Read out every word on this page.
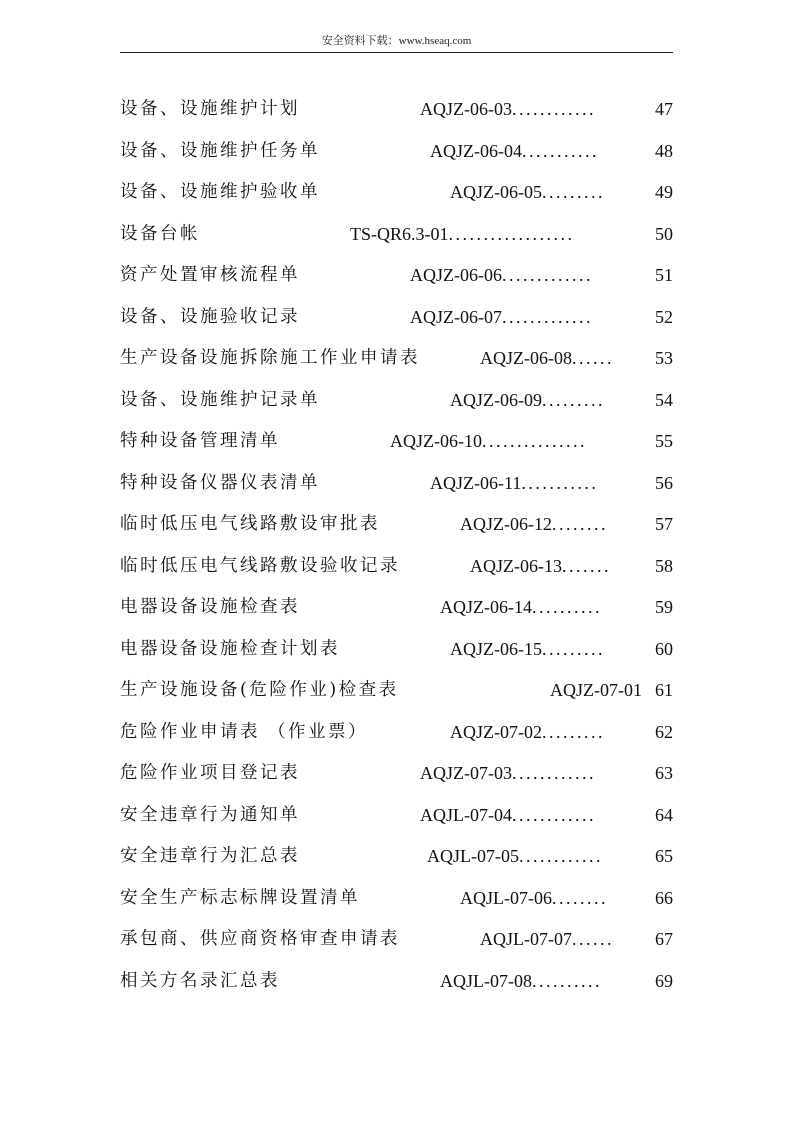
安全资料下载：www.hseaq.com
设备、设施维护计划	AQJZ-06-03............	47
设备、设施维护任务单	AQJZ-06-04...........	48
设备、设施维护验收单	AQJZ-06-05.........	49
设备台帐	TS-QR6.3-01..................	50
资产处置审核流程单	AQJZ-06-06.............	51
设备、设施验收记录	AQJZ-06-07.............	52
生产设备设施拆除施工作业申请表	AQJZ-06-08...... 53
设备、设施维护记录单	AQJZ-06-09.........	54
特种设备管理清单	AQJZ-06-10...............	55
特种设备仪器仪表清单	AQJZ-06-11...........	56
临时低压电气线路敷设审批表	AQJZ-06-12........	57
临时低压电气线路敷设验收记录	AQJZ-06-13....... 58
电器设备设施检查表	AQJZ-06-14..........	59
电器设备设施检查计划表	AQJZ-06-15.........	60
生产设施设备(危险作业)检查表	AQJZ-07-01 61
危险作业申请表 （作业票）	AQJZ-07-02.........	62
危险作业项目登记表	AQJZ-07-03............	63
安全违章行为通知单	AQJL-07-04............	64
安全违章行为汇总表	AQJL-07-05............	65
安全生产标志标牌设置清单	AQJL-07-06........	66
承包商、供应商资格审查申请表	AQJL-07-07...... 67
相关方名录汇总表	AQJL-07-08..........	69
